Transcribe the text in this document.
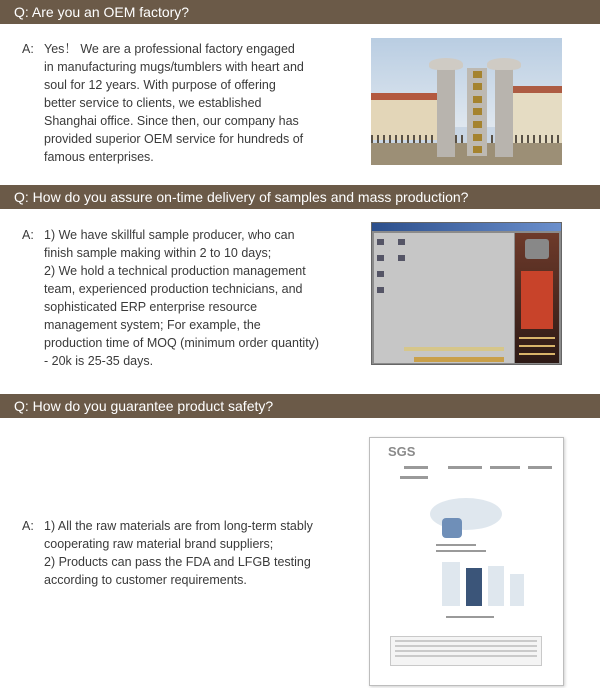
Q: Are you an OEM factory?
A: Yes！ We are a professional factory engaged
in manufacturing mugs/tumblers with heart and
soul for 12 years. With purpose of offering
better service to clients, we established
Shanghai office. Since then, our company has
provided superior OEM service for hundreds of
famous enterprises.
Q: How do you assure on-time delivery of samples and mass production?
A: 1) We have skillful sample producer, who can
finish sample making within 2 to 10 days;
2) We hold a technical production management
team, experienced production technicians, and
sophisticated ERP enterprise resource
management system; For example, the
production time of MOQ (minimum order quantity)
- 20k is 25-35 days.
Q: How do you guarantee product safety?
A: 1) All the raw materials are from long-term stably
cooperating raw material brand suppliers;
2) Products can pass the FDA and LFGB testing
according to customer requirements.
SGS
